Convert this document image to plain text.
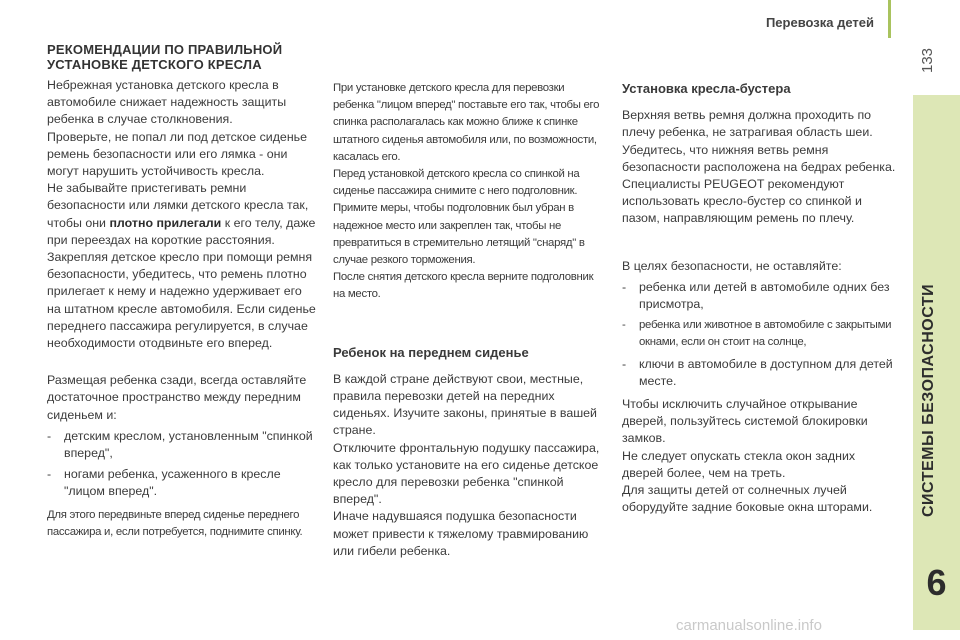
Перевозка детей
133
СИСТЕМЫ БЕЗОПАСНОСТИ
6
РЕКОМЕНДАЦИИ ПО ПРАВИЛЬНОЙ УСТАНОВКЕ ДЕТСКОГО КРЕСЛА

Небрежная установка детского кресла в автомобиле снижает надежность защиты ребенка в случае столкновения.

Проверьте, не попал ли под детское сиденье ремень безопасности или его лямка - они могут нарушить устойчивость кресла.

Не забывайте пристегивать ремни безопасности или лямки детского кресла так, чтобы они плотно прилегали к его телу, даже при переездах на короткие расстояния.

Закрепляя детское кресло при помощи ремня безопасности, убедитесь, что ремень плотно прилегает к нему и надежно удерживает его на штатном кресле автомобиля. Если сиденье переднего пассажира регулируется, в случае необходимости отодвиньте его вперед.

Размещая ребенка сзади, всегда оставляйте достаточное пространство между передним сиденьем и:

- детским креслом, установленным "спинкой вперед",
- ногами ребенка, усаженного в кресле "лицом вперед".

Для этого передвиньте вперед сиденье переднего пассажира и, если потребуется, поднимите спинку.

При установке детского кресла для перевозки ребенка "лицом вперед" поставьте его так, чтобы его спинка располагалась как можно ближе к спинке штатного сиденья автомобиля или, по возможности, касалась его.

Перед установкой детского кресла со спинкой на сиденье пассажира снимите с него подголовник.

Примите меры, чтобы подголовник был убран в надежное место или закреплен так, чтобы не превратиться в стремительно летящий "снаряд" в случае резкого торможения.

После снятия детского кресла верните подголовник на место.

Ребенок на переднем сиденье

В каждой стране действуют свои, местные, правила перевозки детей на передних сиденьях. Изучите законы, принятые в вашей стране.

Отключите фронтальную подушку пассажира, как только установите на его сиденье детское кресло для перевозки ребенка "спинкой вперед".

Иначе надувшаяся подушка безопасности может привести к тяжелому травмированию или гибели ребенка.

Установка кресла-бустера

Верхняя ветвь ремня должна проходить по плечу ребенка, не затрагивая область шеи.

Убедитесь, что нижняя ветвь ремня безопасности расположена на бедрах ребенка.

Специалисты PEUGEOT рекомендуют использовать кресло-бустер со спинкой и пазом, направляющим ремень по плечу.

В целях безопасности, не оставляйте:

- ребенка или детей в автомобиле одних без присмотра,
- ребенка или животное в автомобиле с закрытыми окнами, если он стоит на солнце,
- ключи в автомобиле в доступном для детей месте.

Чтобы исключить случайное открывание дверей, пользуйтесь системой блокировки замков.

Не следует опускать стекла окон задних дверей более, чем на треть.

Для защиты детей от солнечных лучей оборудуйте задние боковые окна шторами.

carmanualsonline.info
